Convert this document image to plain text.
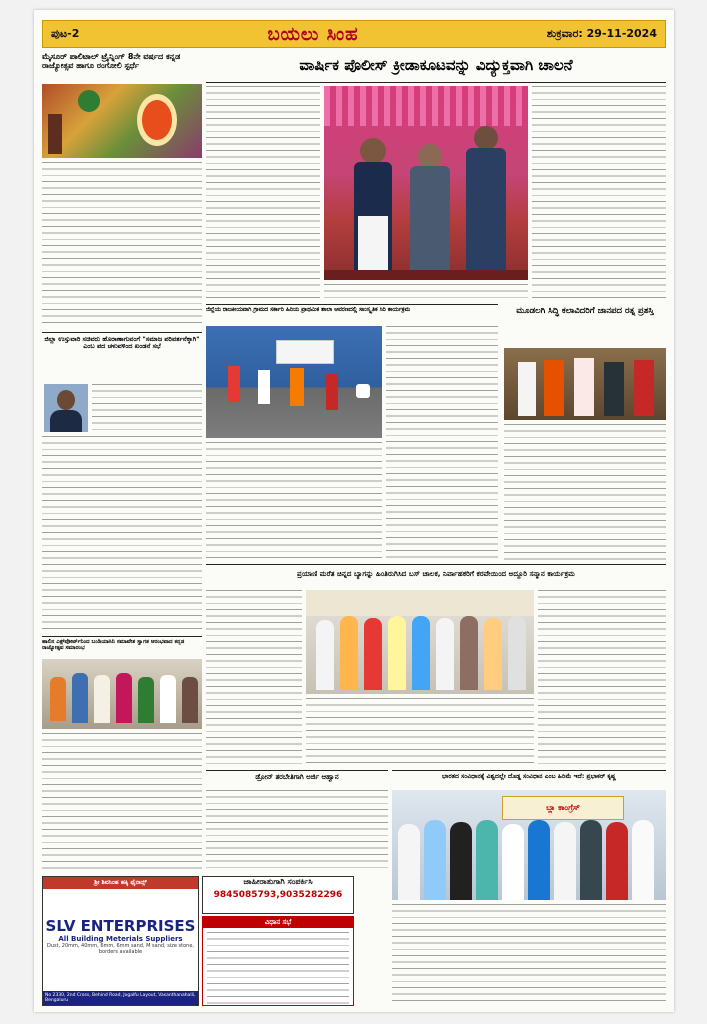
ಪುಟ-2	ಬಯಲು ಸಿಂಹ	ಶುಕ್ರವಾರ: 29-11-2024
ಮೈಸೂರ್ ಪಾಲಿಟಾಲ್ ಟ್ರೈನ್ನಿಂಗ್ 8ನೇ ವರ್ಷದ ಕನ್ನಡ ರಾಜ್ಯೋತ್ಸವ ಹಾಗೂ ರಂಗೋಲಿ ಸ್ಪರ್ಧೆ
ಜಿಲ್ಲಾ ಉಸ್ತುವಾರಿ ಸಚಿವರು ಹೊರಾಣಾಗುವಂಗೆ "ಸಮಾಜ ಪರಿವರ್ತನೆಕ್ಕಾಗಿ" ಎಂಬ ಪದ ಚಳುವಳಿಂದ ಖಂಡನೆ ಸಭೆ
ಹಾಲಿನ ಎಕ್ಸ್‌ಪೋರ್ಟ್‌ನಿಂದ ಬಂಡಿಯಾಸಿನಿ ಸಮಾವೇಶ ಸ್ವಾಗತ ಆರಂಭವಾದ ಕನ್ನಡ ರಾಜ್ಯೋತ್ಸವ ಸಮಾರಂಭ
ವಾರ್ಷಿಕ ಪೊಲೀಸ್ ಕ್ರೀಡಾಕೂಟವನ್ನು ವಿದ್ಯುಕ್ತವಾಗಿ ಚಾಲನೆ
ಜಿಲ್ಲೆಯ ರಾಜಕೀಯವಾಗಿ ಗ್ರಾಮದ ಸರ್ಕಾರಿ ಹಿರಿಯ ಪ್ರಾಥಮಿಕ ಶಾಲಾ ಆವರಣದಲ್ಲಿ ಸಾಂಸ್ಕೃತಿಕ ಸಿರಿ ಕಾರ್ಯಕ್ರಮ	ಮೂಡಲಗಿ ಸಿದ್ಧಿ ಕಲಾವಿದರಿಗೆ ಜಾನಪದ ರತ್ನ ಪ್ರಶಸ್ತಿ
ಪ್ರಯಾಣಿ ಮರೆತ ಚಿನ್ನದ ಬ್ಯಾಗನ್ನು ಹಿಂತಿರುಗಿಸಿದ ಬಸ್ ಚಾಲಕ, ನಿರ್ವಾಹಕರಿಗೆ ಕರವೇಯಿಂದ ಅದ್ದೂರಿ ಸನ್ಮಾನ ಕಾರ್ಯಕ್ರಮ
ಡ್ರೋನ್ ತರಬೇತಿಗಾಗಿ ಅರ್ಜಿ ಆಹ್ವಾನ	ಭಾರತದ ಸಂವಿಧಾನಕ್ಕೆ ವಿಶ್ವದಲ್ಲೇ ದೊಡ್ಡ ಸಂವಿಧಾನ ಎಂಬ ಹಿರಿಮೆ ಇದೆ: ಪ್ರಭಾಕರ್ ಕೃಷ್ಣ
ಬ್ಲಾ ಕಾಂಗ್ರೆಸ್
ಶ್ರೀ ಶಿವಸಿಂಹ ಹಕ್ಕಿ ಫೈನಾನ್ಸ್
SLV ENTERPRISES
All Building Meterials Suppliers
Dust, 20mm, 40mm, 6mm, 6mm sand, M sand, size stone, borders available
No 2330, 2nd Cross, Behind Road, Jogalfu Layout, Vasanthanahalli, Bengaluru
ಜಾಹೀರಾತುಗಾಗಿ ಸಂಪರ್ಕಿಸಿ
9845085793,9035282296
ವಿಧಾನ ಸಭೆ
